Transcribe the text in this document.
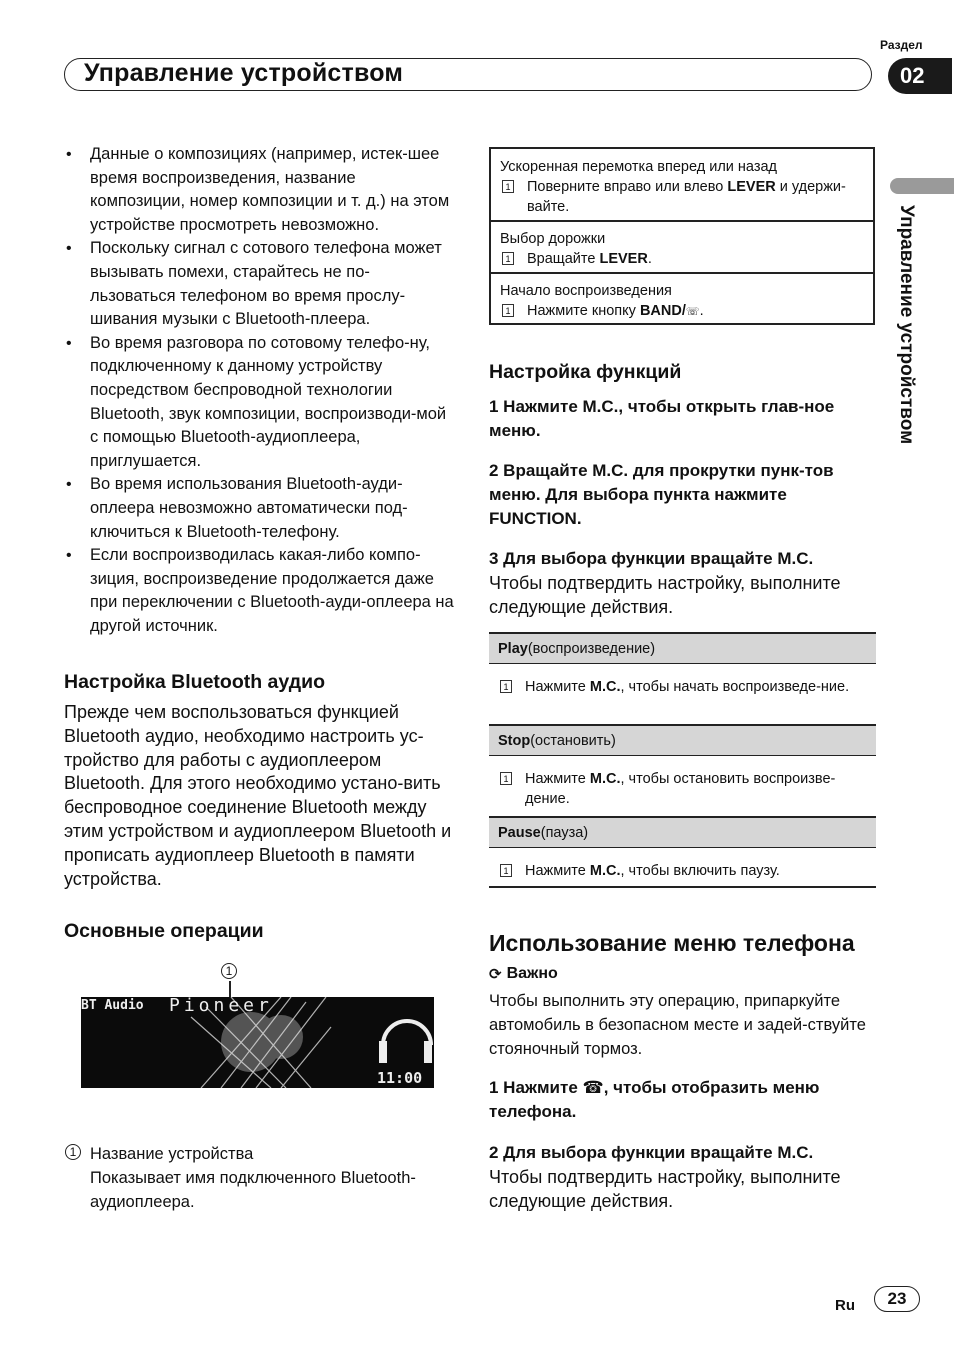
Управление устройством
Раздел
02
Управление устройством
• Данные о композициях (например, истек-шее время воспроизведения, название композиции, номер композиции и т. д.) на этом устройстве просмотреть невозможно.
• Поскольку сигнал с сотового телефона может вызывать помехи, старайтесь не по-льзоваться телефоном во время прослу-шивания музыки с Bluetooth-плеера.
• Во время разговора по сотовому телефо-ну, подключенному к данному устройству посредством беспроводной технологии Bluetooth, звук композиции, воспроизводи-мой с помощью Bluetooth-аудиоплеера, приглушается.
• Во время использования Bluetooth-ауди-оплеера невозможно автоматически под-ключиться к Bluetooth-телефону.
• Если воспроизводилась какая-либо компо-зиция, воспроизведение продолжается даже при переключении с Bluetooth-ауди-оплеера на другой источник.
Настройка Bluetooth аудио
Прежде чем воспользоваться функцией Bluetooth аудио, необходимо настроить ус-тройство для работы с аудиоплеером Bluetooth. Для этого необходимо устано-вить беспроводное соединение Bluetooth между этим устройством и аудиоплеером Bluetooth и прописать аудиоплеер Bluetooth в памяти устройства.
Основные операции
1
BT Audio Pioneer
11:00
1 Название устройства
Показывает имя подключенного Bluetooth-аудиоплеера.
Ускоренная перемотка вперед или назад
1 Поверните вправо или влево LEVER и удержи-вайте.
Выбор дорожки
1 Вращайте LEVER.
Начало воспроизведения
1 Нажмите кнопку BAND/☏.
Настройка функций
1 Нажмите M.C., чтобы открыть глав-ное меню.
2 Вращайте M.C. для прокрутки пунк-тов меню. Для выбора пункта нажмите FUNCTION.
3 Для выбора функции вращайте M.C.
Чтобы подтвердить настройку, выполните следующие действия.
Play (воспроизведение)
1 Нажмите M.C., чтобы начать воспроизведе-ние.
Stop (остановить)
1 Нажмите M.C., чтобы остановить воспроизве-дение.
Pause (пауза)
1 Нажмите M.C., чтобы включить паузу.
Использование меню телефона
⟳ Важно
Чтобы выполнить эту операцию, припаркуйте автомобиль в безопасном месте и задей-ствуйте стояночный тормоз.
1 Нажмите ☎, чтобы отобразить меню телефона.
2 Для выбора функции вращайте M.C.
Чтобы подтвердить настройку, выполните следующие действия.
Ru	23
